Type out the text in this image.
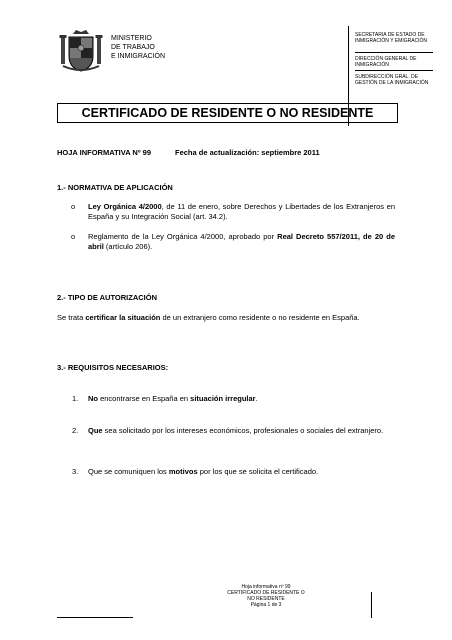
MINISTERIO
DE TRABAJO
E INMIGRACIÓN
SECRETARIA DE ESTADO DE INMIGRACIÓN Y EMIGRACIÓN
DIRECCIÓN GENERAL DE INMIGRACIÓN
SUBDIRECCIÓN GRAL. DE GESTIÓN DE LA INMIGRACIÓN
CERTIFICADO DE RESIDENTE O NO RESIDENTE
HOJA INFORMATIVA Nº 99	Fecha de actualización: septiembre 2011
1.- NORMATIVA DE APLICACIÓN
o Ley Orgánica 4/2000, de 11 de enero, sobre Derechos y Libertades de los Extranjeros en España y su Integración Social (art. 34.2).
o Reglamento de la Ley Orgánica 4/2000, aprobado por Real Decreto 557/2011, de 20 de abril (artículo 206).
2.- TIPO DE AUTORIZACIÓN
Se trata certificar la situación de un extranjero como residente o no residente en España.
3.- REQUISITOS NECESARIOS:
1. No encontrarse en España en situación irregular.
2. Que sea solicitado por los intereses económicos, profesionales o sociales del extranjero.
3. Que se comuniquen los motivos por los que se solicita el certificado.
Hoja informativa nº 99
CERTIFICADO DE RESIDENTE O
NO RESIDENTE
Página 1 de 3
